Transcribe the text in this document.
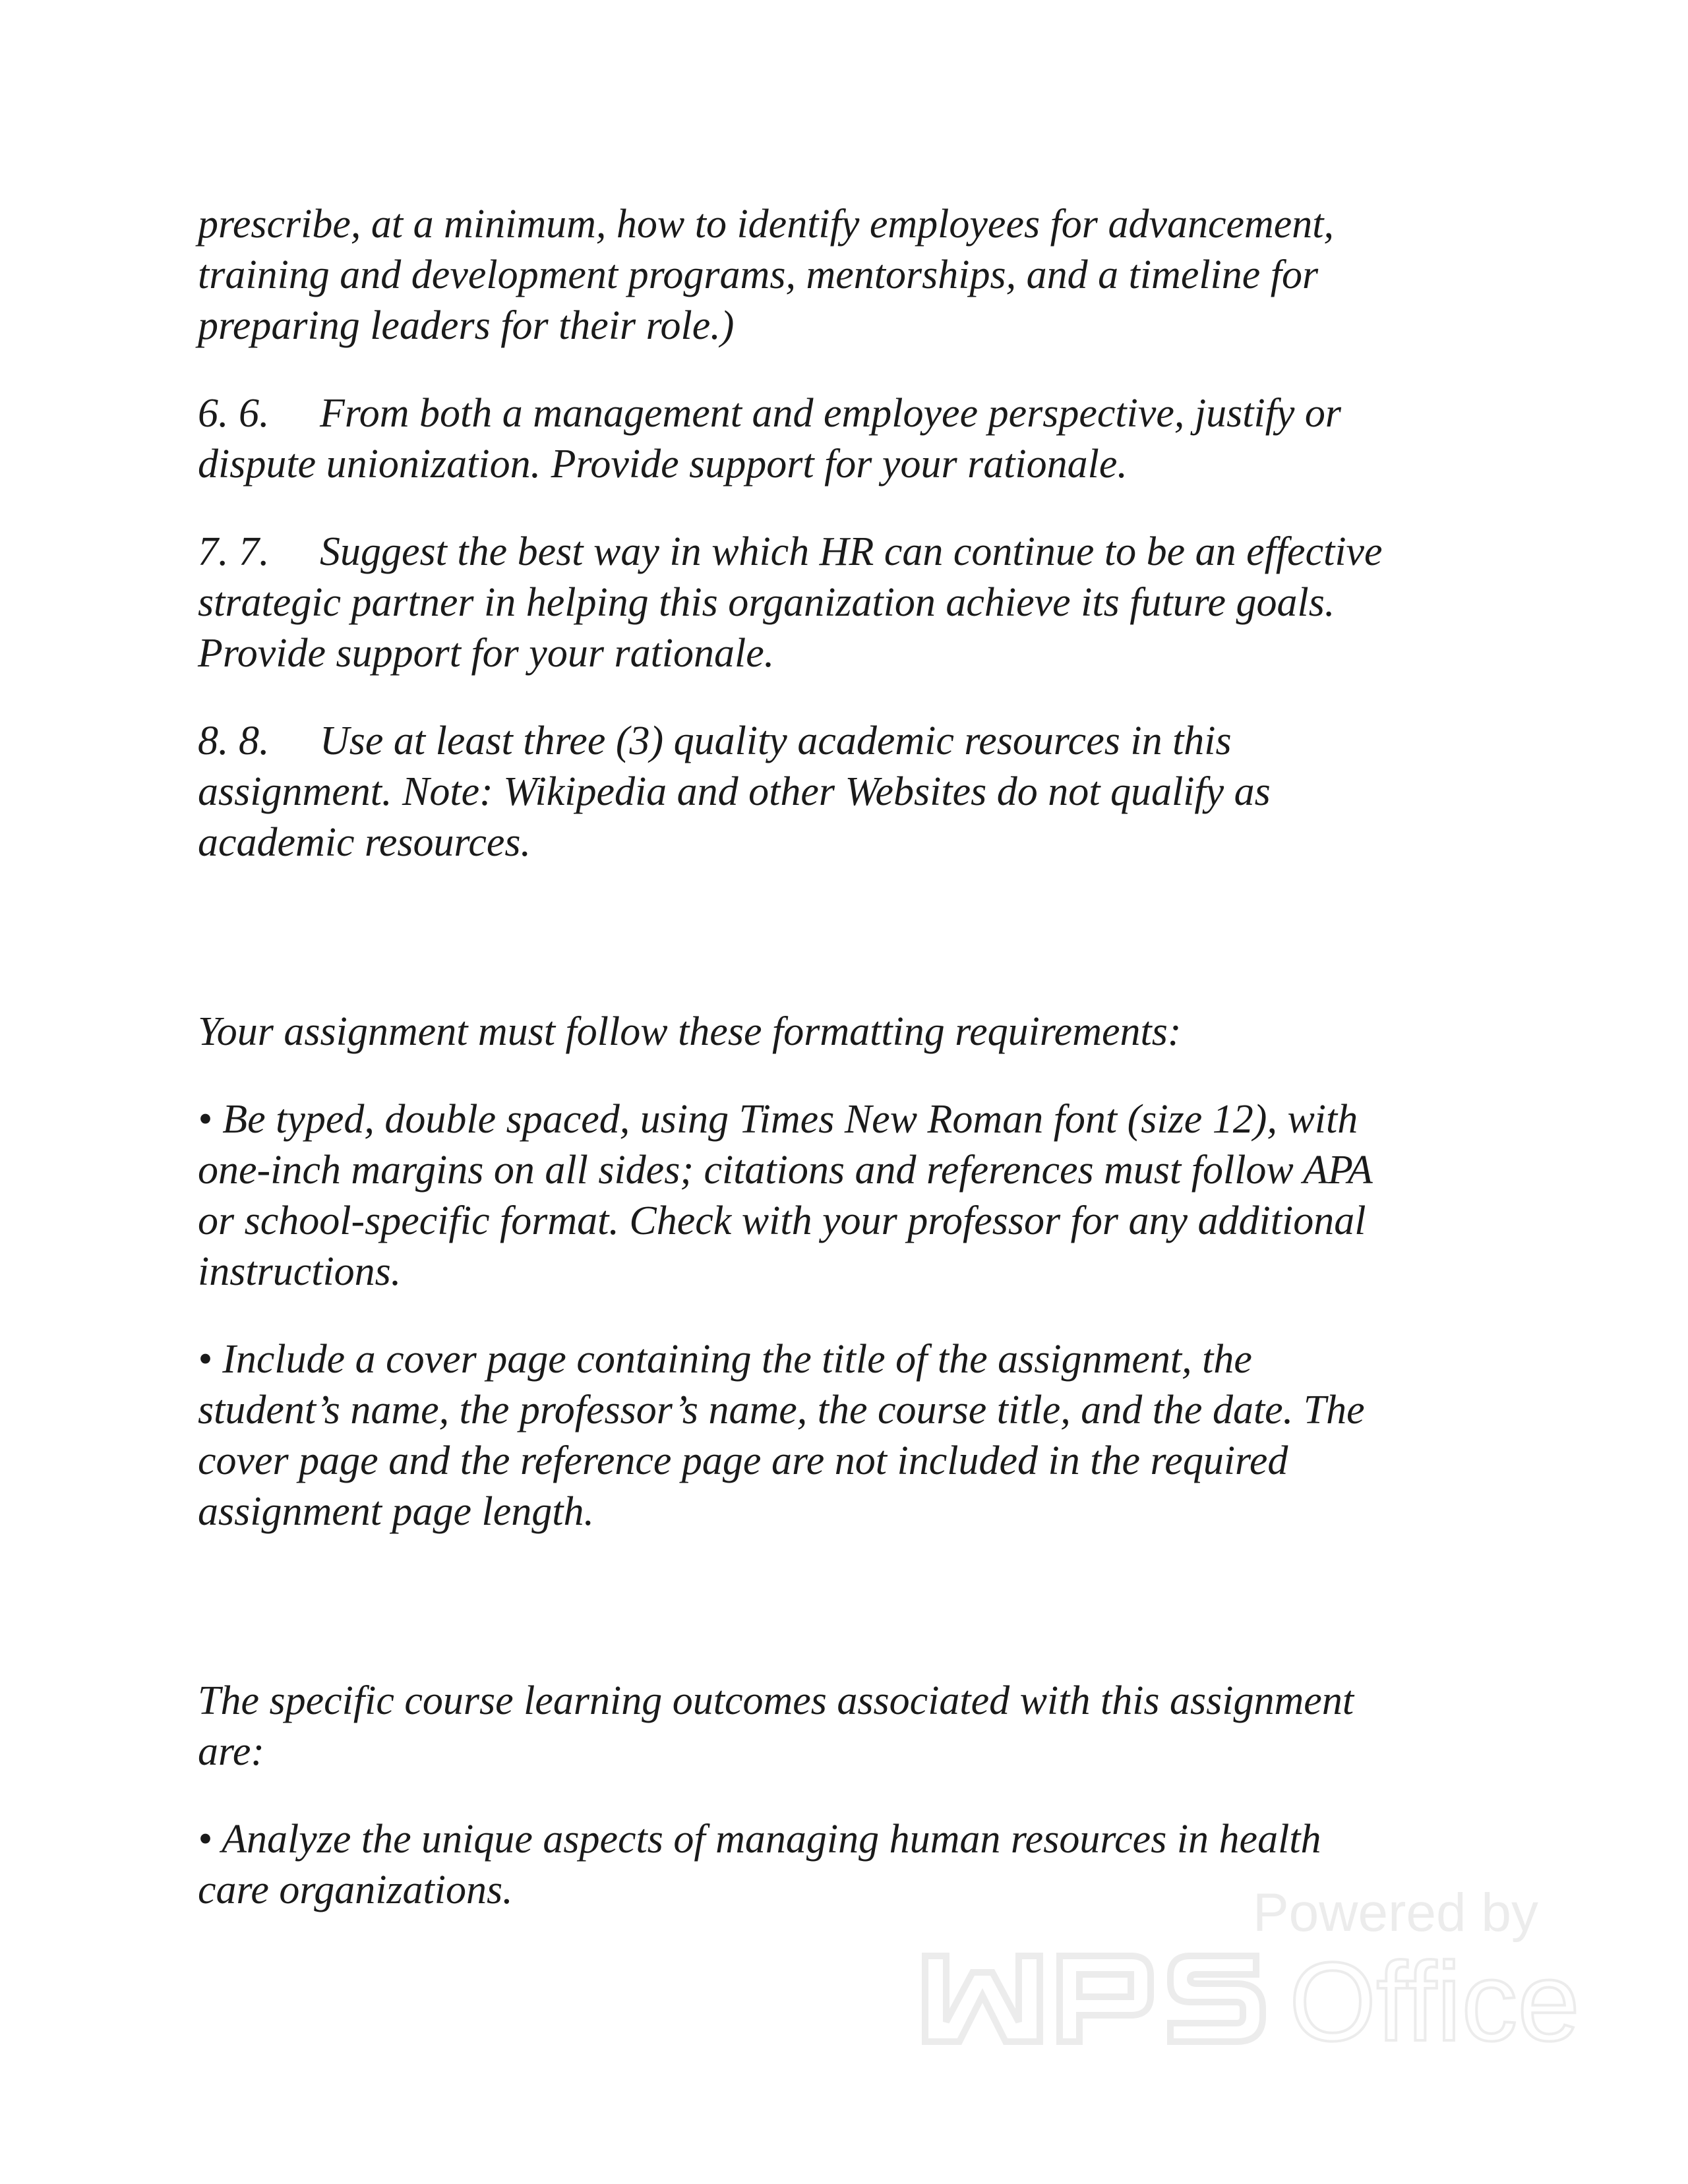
prescribe, at a minimum, how to identify employees for advancement,
training and development programs, mentorships, and a timeline for
preparing leaders for their role.)

6. 6. From both a management and employee perspective, justify or
dispute unionization. Provide support for your rationale.

7. 7. Suggest the best way in which HR can continue to be an effective
strategic partner in helping this organization achieve its future goals.
Provide support for your rationale.

8. 8. Use at least three (3) quality academic resources in this
assignment. Note: Wikipedia and other Websites do not qualify as
academic resources.

Your assignment must follow these formatting requirements:

• Be typed, double spaced, using Times New Roman font (size 12), with
one-inch margins on all sides; citations and references must follow APA
or school-specific format. Check with your professor for any additional
instructions.

• Include a cover page containing the title of the assignment, the
student’s name, the professor’s name, the course title, and the date. The
cover page and the reference page are not included in the required
assignment page length.

The specific course learning outcomes associated with this assignment
are:

• Analyze the unique aspects of managing human resources in health
care organizations.	Powered by
Office
